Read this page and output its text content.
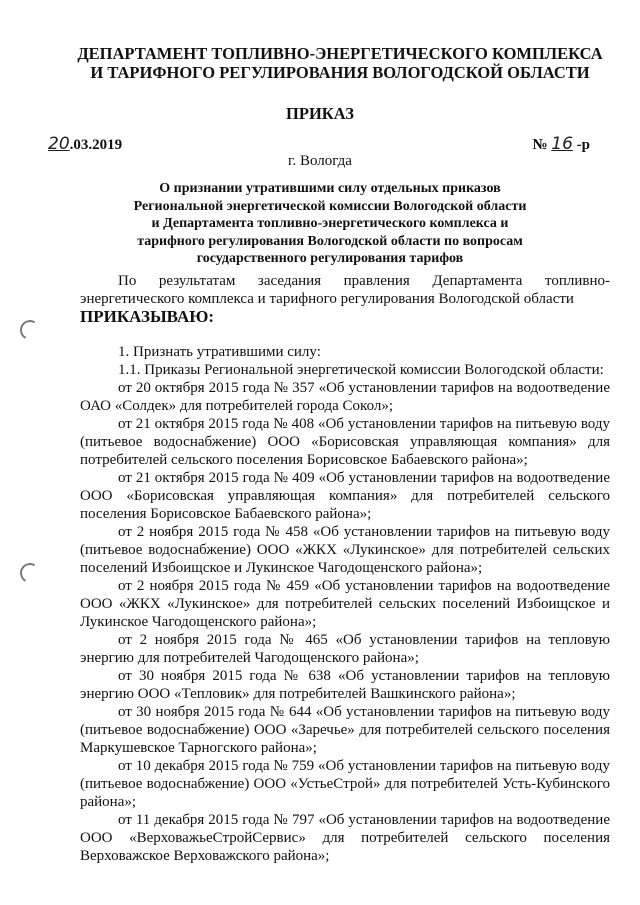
ДЕПАРТАМЕНТ ТОПЛИВНО-ЭНЕРГЕТИЧЕСКОГО КОМПЛЕКСА
И ТАРИФНОГО РЕГУЛИРОВАНИЯ ВОЛОГОДСКОЙ ОБЛАСТИ
ПРИКАЗ
20.03.2019	№ 16 -р
г. Вологда
О признании утратившими силу отдельных приказов Региональной энергетической комиссии Вологодской области и Департамента топливно-энергетического комплекса и тарифного регулирования Вологодской области по вопросам государственного регулирования тарифов

По результатам заседания правления Департамента топливно-

энергетического комплекса и тарифного регулирования Вологодской области

ПРИКАЗЫВАЮ:

1. Признать утратившими силу:

1.1. Приказы Региональной энергетической комиссии Вологодской области:

от 20 октября 2015 года № 357 «Об установлении тарифов на водоотведение ОАО «Солдек» для потребителей города Сокол»;

от 21 октября 2015 года № 408 «Об установлении тарифов на питьевую воду (питьевое водоснабжение) ООО «Борисовская управляющая компания» для потребителей сельского поселения Борисовское Бабаевского района»;

от 21 октября 2015 года № 409 «Об установлении тарифов на водоотведение ООО «Борисовская управляющая компания» для потребителей сельского поселения Борисовское Бабаевского района»;

от 2 ноября 2015 года № 458 «Об установлении тарифов на питьевую воду (питьевое водоснабжение) ООО «ЖКХ «Лукинское» для потребителей сельских поселений Избоищское и Лукинское Чагодощенского района»;

от 2 ноября 2015 года № 459 «Об установлении тарифов на водоотведение ООО «ЖКХ «Лукинское» для потребителей сельских поселений Избоищское и Лукинское Чагодощенского района»;

от 2 ноября 2015 года № 465 «Об установлении тарифов на тепловую энергию для потребителей Чагодощенского района»;

от 30 ноября 2015 года № 638 «Об установлении тарифов на тепловую энергию ООО «Тепловик» для потребителей Вашкинского района»;

от 30 ноября 2015 года № 644 «Об установлении тарифов на питьевую воду (питьевое водоснабжение) ООО «Заречье» для потребителей сельского поселения Маркушевское Тарногского района»;

от 10 декабря 2015 года № 759 «Об установлении тарифов на питьевую воду (питьевое водоснабжение) ООО «УстьеСтрой» для потребителей Усть-Кубинского района»;

от 11 декабря 2015 года № 797 «Об установлении тарифов на водоотведение ООО «ВерховажьеСтройСервис» для потребителей сельского поселения Верховажское Верховажского района»;
